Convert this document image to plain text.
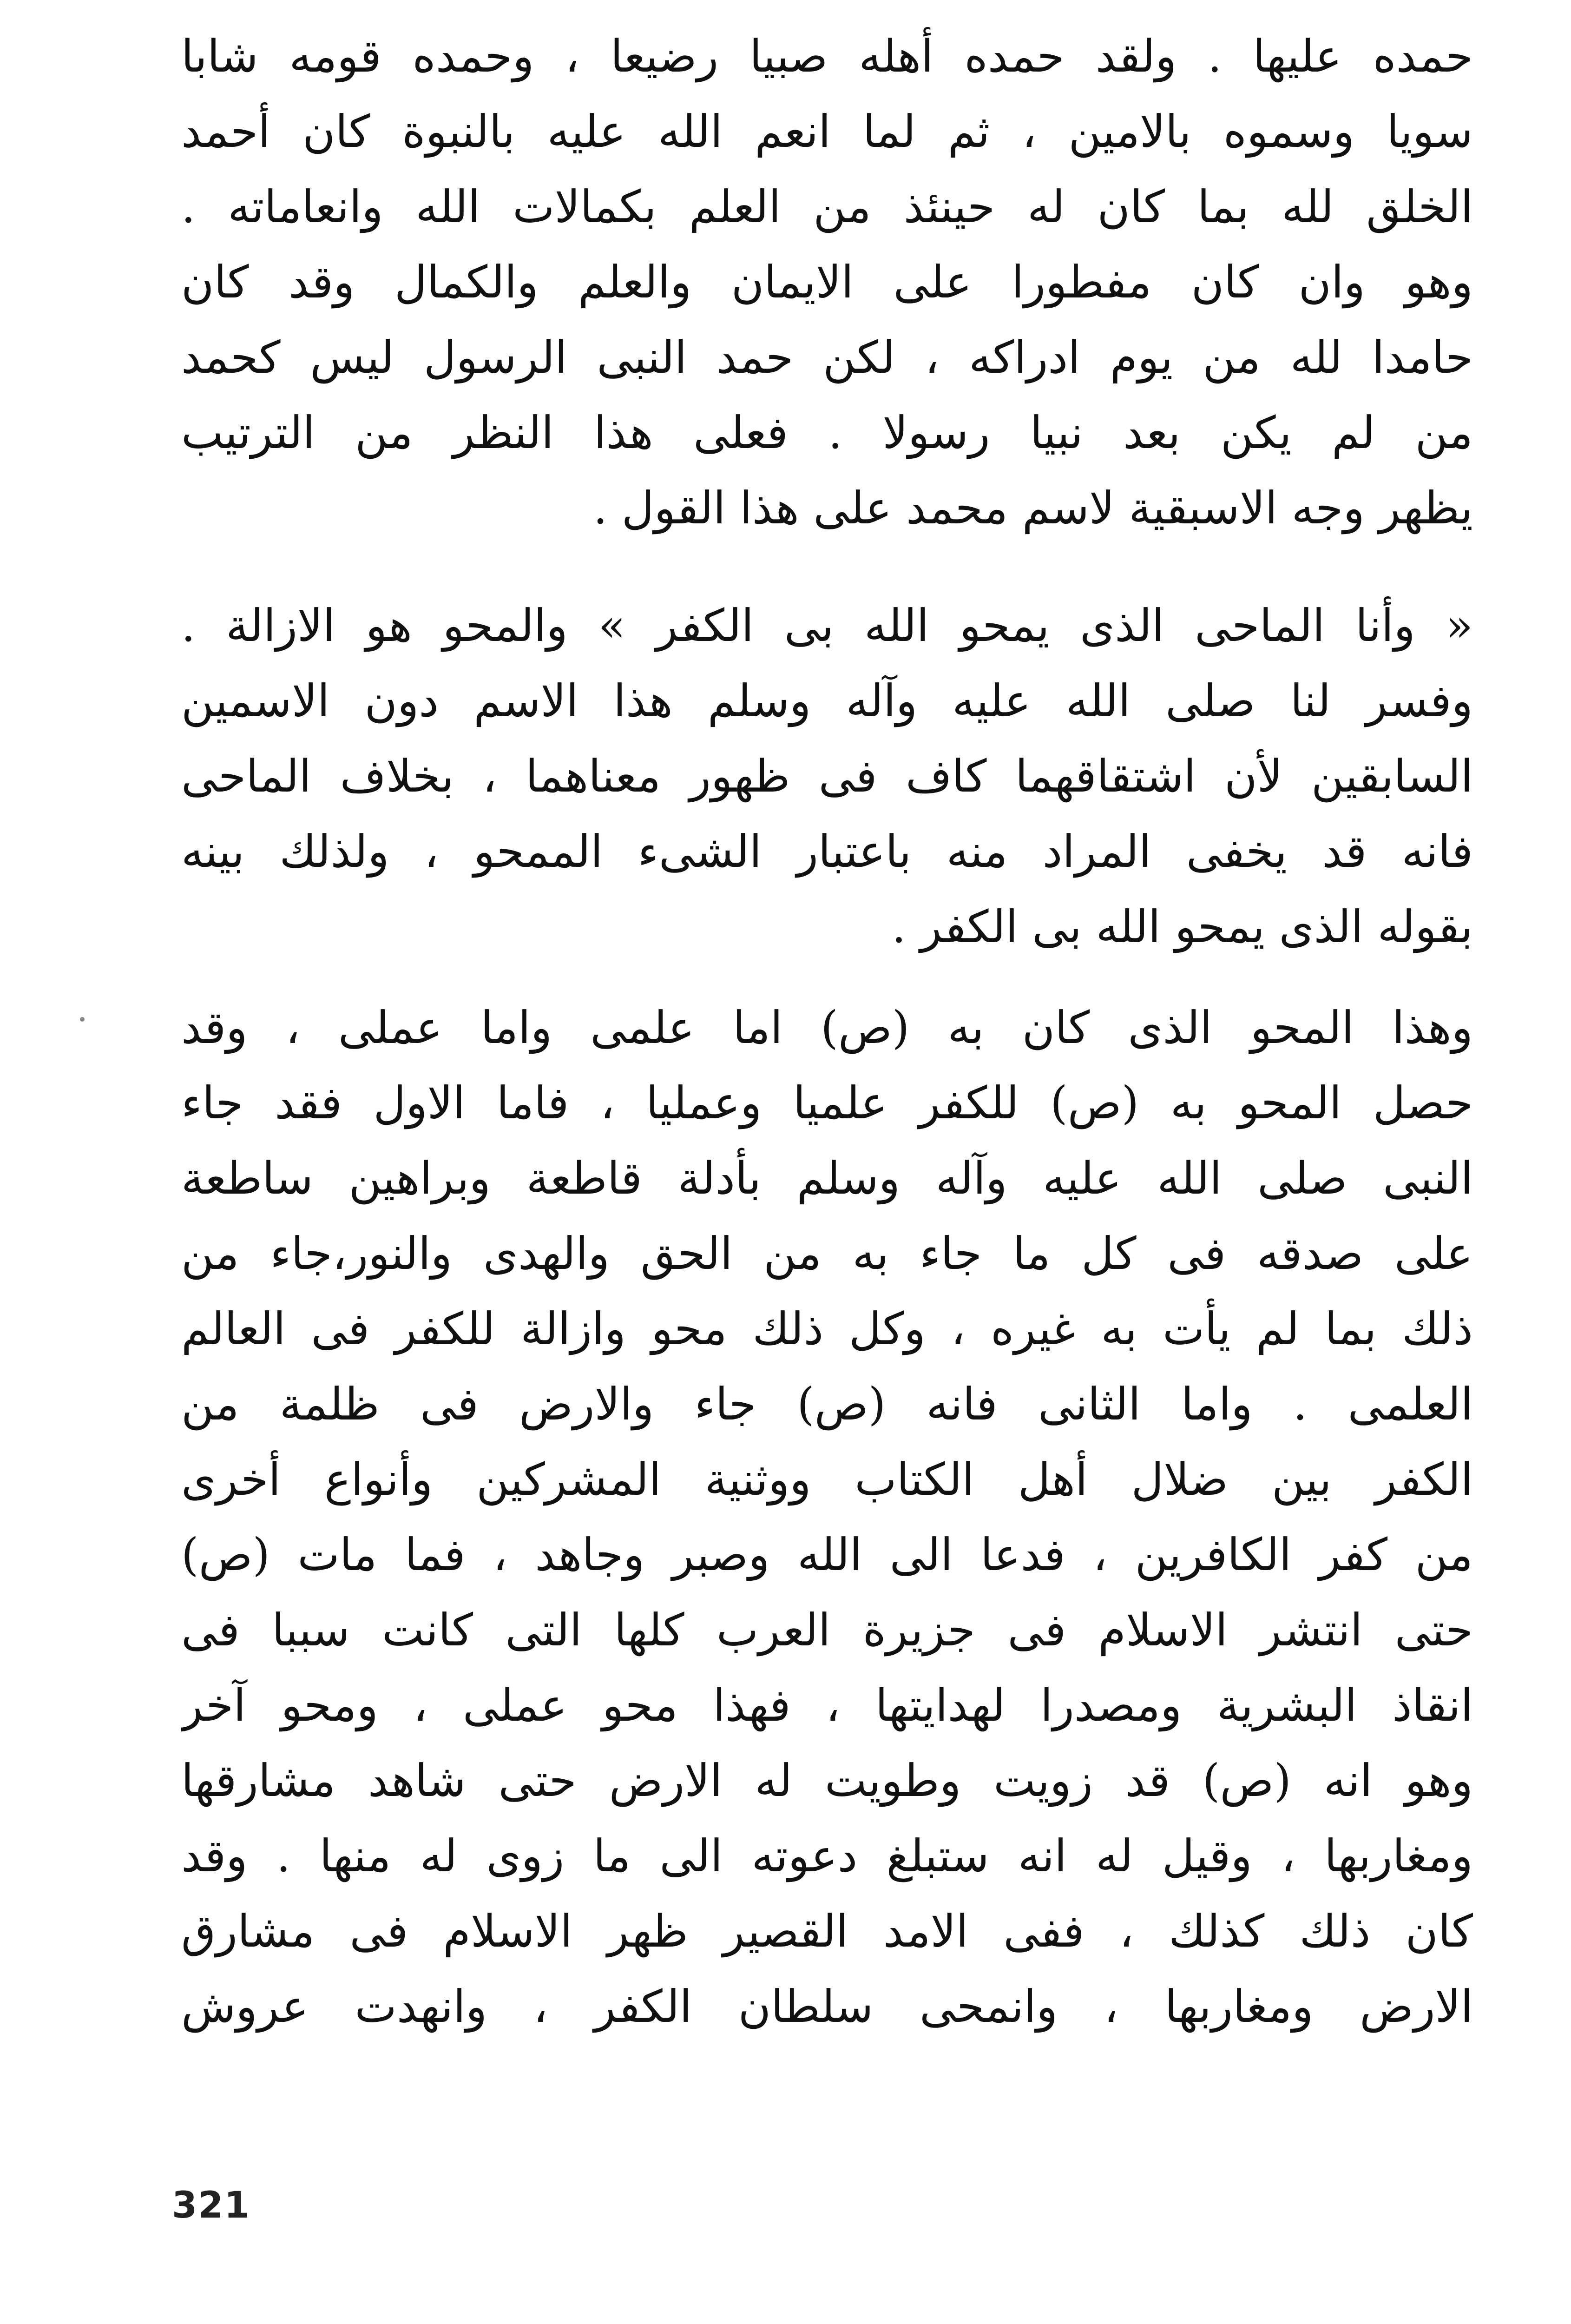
حمده عليها . ولقد حمده أهله صبيا رضيعا ، وحمده قومه شابا
سويا وسموه بالامين ، ثم لما انعم الله عليه بالنبوة كان أحمد
الخلق لله بما كان له حينئذ من العلم بكمالات الله وانعاماته .
وهو وان كان مفطورا على الايمان والعلم والكمال وقد كان
حامدا لله من يوم ادراكه ، لكن حمد النبى الرسول ليس كحمد
من لم يكن بعد نبيا رسولا . فعلى هذا النظر من الترتيب
يظهر وجه الاسبقية لاسم محمد على هذا القول .

« وأنا الماحى الذى يمحو الله بى الكفر » والمحو هو الازالة .
وفسر لنا صلى الله عليه وآله وسلم هذا الاسم دون الاسمين
السابقين لأن اشتقاقهما كاف فى ظهور معناهما ، بخلاف الماحى
فانه قد يخفى المراد منه باعتبار الشىء الممحو ، ولذلك بينه
بقوله الذى يمحو الله بى الكفر .

وهذا المحو الذى كان به (ص) اما علمى واما عملى ، وقد
حصل المحو به (ص) للكفر علميا وعمليا ، فاما الاول فقد جاء
النبى صلى الله عليه وآله وسلم بأدلة قاطعة وبراهين ساطعة
على صدقه فى كل ما جاء به من الحق والهدى والنور،جاء من
ذلك بما لم يأت به غيره ، وكل ذلك محو وازالة للكفر فى العالم
العلمى . واما الثانى فانه (ص) جاء والارض فى ظلمة من
الكفر بين ضلال أهل الكتاب ووثنية المشركين وأنواع أخرى
من كفر الكافرين ، فدعا الى الله وصبر وجاهد ، فما مات (ص)
حتى انتشر الاسلام فى جزيرة العرب كلها التى كانت سببا فى
انقاذ البشرية ومصدرا لهدايتها ، فهذا محو عملى ، ومحو آخر
وهو انه (ص) قد زويت وطويت له الارض حتى شاهد مشارقها
ومغاربها ، وقيل له انه ستبلغ دعوته الى ما زوى له منها . وقد
كان ذلك كذلك ، ففى الامد القصير ظهر الاسلام فى مشارق
الارض ومغاربها ، وانمحى سلطان الكفر ، وانهدت عروش

321
